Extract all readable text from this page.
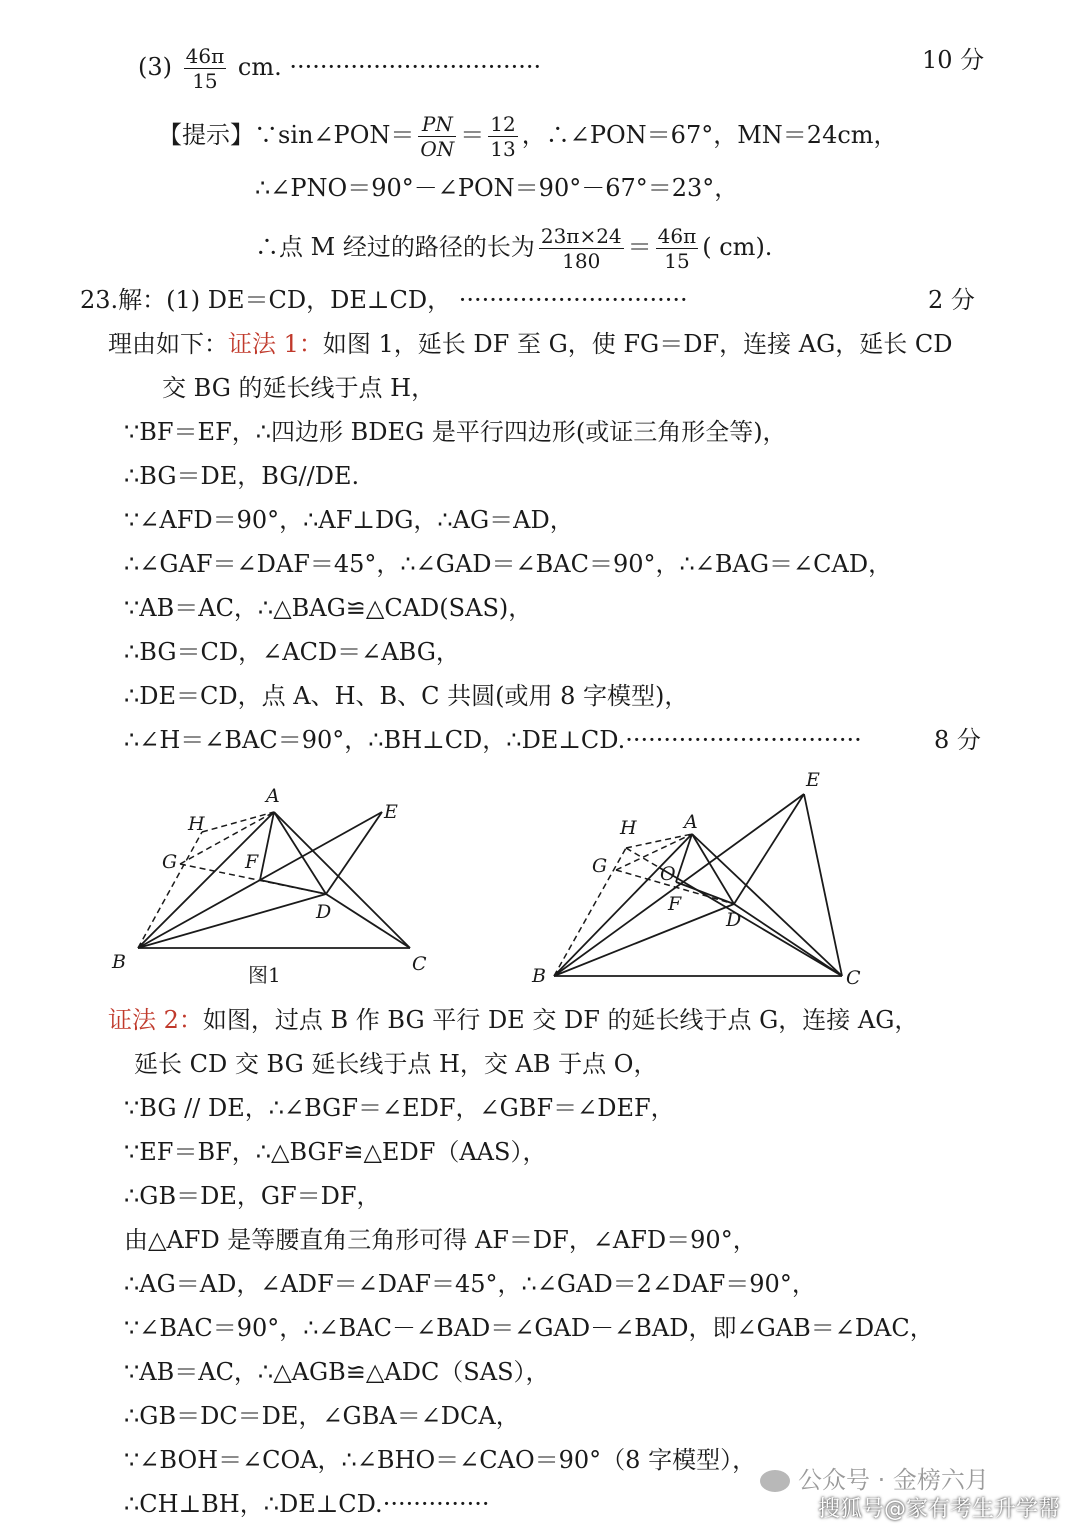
$(3) \frac{46\pi}{15}$ cm. ·································	10 分
【提示】∵sin∠PON＝ $\frac{PN}{ON} = \frac{12}{13}$ ，∴∠PON＝67°，MN＝24cm，
∴∠PNO＝90°－∠PON＝90°－67°＝23°，
∴点 M 经过的路径的长为 $\frac{23\pi\times 24}{180} = \frac{46\pi}{15}$ ( cm).
23.解：(1) DE＝CD，DE⊥CD， ······························	2 分
理由如下：证法 1：如图 1，延长 DF 至 G，使 FG＝DF，连接 AG，延长 CD
交 BG 的延长线于点 H，
∵BF＝EF，∴四边形 BDEG 是平行四边形(或证三角形全等)，
∴BG＝DE，BG//DE.
∵∠AFD＝90°，∴AF⊥DG，∴AG＝AD，
∴∠GAF＝∠DAF＝45°，∴∠GAD＝∠BAC＝90°，∴∠BAG＝∠CAD，
∵AB＝AC，∴△BAG≌△CAD(SAS)，
∴BG＝CD，∠ACD＝∠ABG，
∴DE＝CD，点 A、H、B、C 共圆(或用 8 字模型)，
∴∠H＝∠BAC＝90°，∴BH⊥CD，∴DE⊥CD.·······························	8 分
A
E
H
G	F
D
B	C
图1
E
H A
G	O
F
D
B	C
证法 2：如图，过点 B 作 BG 平行 DE 交 DF 的延长线于点 G，连接 AG，
延长 CD 交 BG 延长线于点 H，交 AB 于点 O，
∵BG // DE，∴∠BGF＝∠EDF，∠GBF＝∠DEF，
∵EF＝BF，∴△BGF≌△EDF（AAS），
∴GB＝DE，GF＝DF，
由△AFD 是等腰直角三角形可得 AF＝DF，∠AFD＝90°，
∴AG＝AD，∠ADF＝∠DAF＝45°，∴∠GAD＝2∠DAF＝90°，
∵∠BAC＝90°，∴∠BAC－∠BAD＝∠GAD－∠BAD，即∠GAB＝∠DAC，
∵AB＝AC，∴△AGB≌△ADC（SAS），
∴GB＝DC＝DE，∠GBA＝∠DCA，
∵∠BOH＝∠COA，∴∠BHO＝∠CAO＝90°（8 字模型），
∴CH⊥BH，∴DE⊥CD.··············
公众号 · 金榜六月
搜狐号@家有考生升学帮
